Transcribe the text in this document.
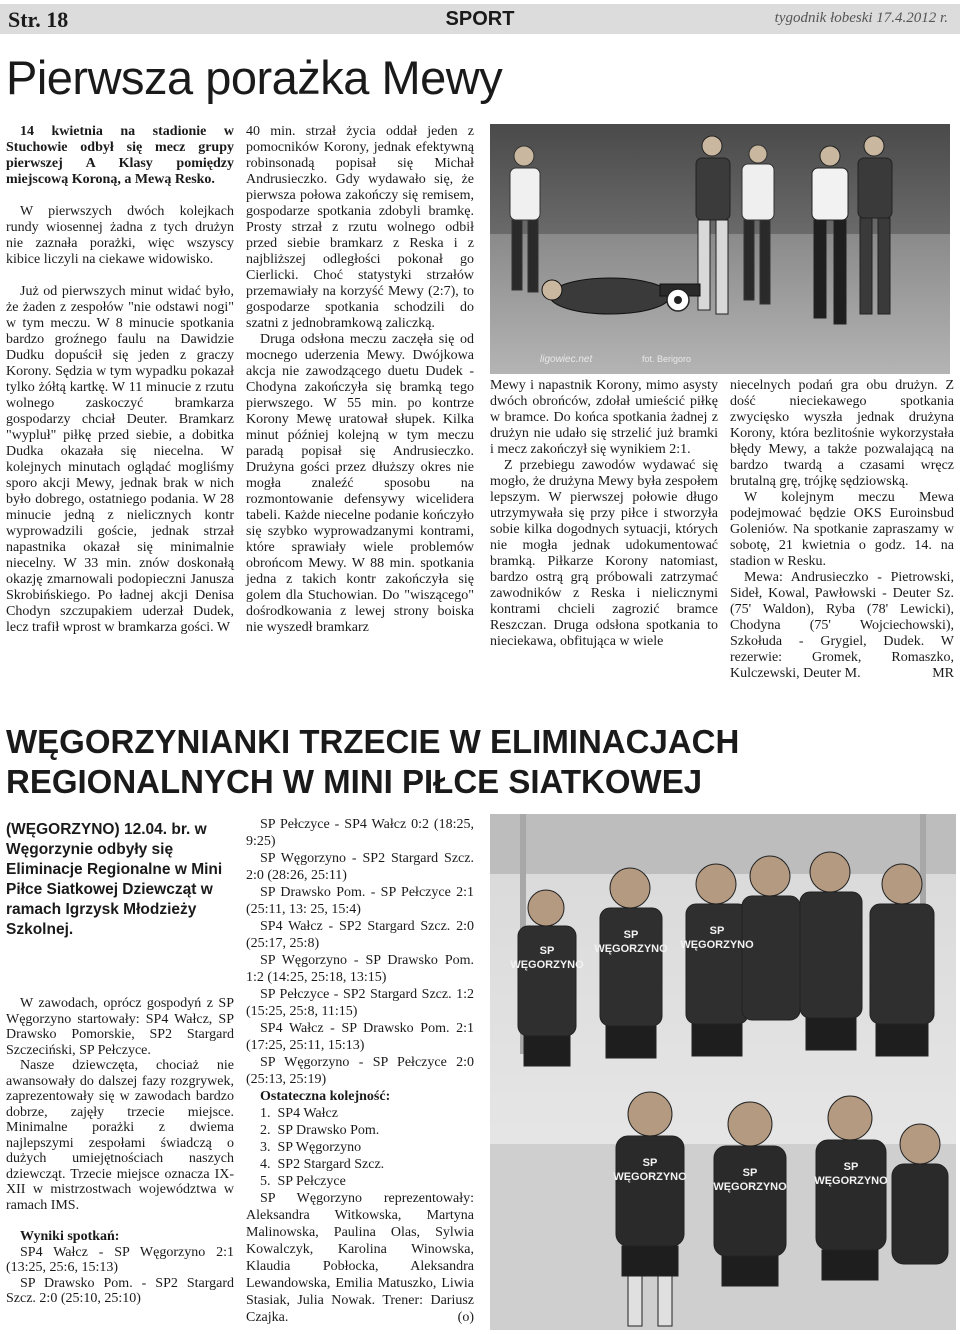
Str. 18	SPORT	tygodnik łobeski 17.4.2012 r.
Pierwsza porażka Mewy

14 kwietnia na stadionie w Stuchowie odbył się mecz grupy pierwszej A Klasy pomiędzy miejscową Koroną, a Mewą Resko.

W pierwszych dwóch kolejkach rundy wiosennej żadna z tych drużyn nie zaznała porażki, więc wszyscy kibice liczyli na ciekawe widowisko.

Już od pierwszych minut widać było, że żaden z zespołów "nie odstawi nogi" w tym meczu. W 8 minucie spotkania bardzo groźnego faulu na Dawidzie Dudku dopuścił się jeden z graczy Korony. Sędzia w tym wypadku pokazał tylko żółtą kartkę. W 11 minucie z rzutu wolnego zaskoczyć bramkarza gospodarzy chciał Deuter. Bramkarz "wypluł" piłkę przed siebie, a dobitka Dudka okazała się niecelna. W kolejnych minutach oglądać mogliśmy sporo akcji Mewy, jednak brak w nich było dobrego, ostatniego podania. W 28 minucie jedną z nielicznych kontr wyprowadzili goście, jednak strzał napastnika okazał się minimalnie niecelny. W 33 min. znów doskonałą okazję zmarnowali podopieczni Janusza Skrobińskiego. Po ładnej akcji Denisa Chodyn szczupakiem uderzał Dudek, lecz trafił wprost w bramkarza gości. W

40 min. strzał życia oddał jeden z pomocników Korony, jednak efektywną robinsonadą popisał się Michał Andrusieczko. Gdy wydawało się, że pierwsza połowa zakończy się remisem, gospodarze spotkania zdobyli bramkę. Prosty strzał z rzutu wolnego odbił przed siebie bramkarz z Reska i z najbliższej odległości pokonał go Cierlicki. Choć statystyki strzałów przemawiały na korzyść Mewy (2:7), to gospodarze spotkania schodzili do szatni z jednobramkową zaliczką.

Druga odsłona meczu zaczęła się od mocnego uderzenia Mewy. Dwójkowa akcja nie zawodzącego duetu Dudek - Chodyna zakończyła się bramką tego pierwszego. W 55 min. po kontrze Korony Mewę uratował słupek. Kilka minut później kolejną w tym meczu paradą popisał się Andrusieczko. Drużyna gości przez dłuższy okres nie mogła znaleźć sposobu na rozmontowanie defensywy wicelidera tabeli. Każde niecelne podanie kończyło się szybko wyprowadzanymi kontrami, które sprawiały wiele problemów obrońcom Mewy. W 88 min. spotkania jedna z takich kontr zakończyła się golem dla Stuchowian. Do "wiszącego" dośrodkowania z lewej strony boiska nie wyszedł bramkarz

ligowiec.net	fot. Berigoro

Mewy i napastnik Korony, mimo asysty dwóch obrońców, zdołał umieścić piłkę w bramce. Do końca spotkania żadnej z drużyn nie udało się strzelić już bramki i mecz zakończył się wynikiem 2:1.

Z przebiegu zawodów wydawać się mogło, że drużyna Mewy była zespołem lepszym. W pierwszej połowie długo utrzymywała się przy piłce i stworzyła sobie kilka dogodnych sytuacji, których nie mogła jednak udokumentować bramką. Piłkarze Korony natomiast, bardzo ostrą grą próbowali zatrzymać zawodników z Reska i nielicznymi kontrami chcieli zagrozić bramce Reszczan. Druga odsłona spotkania to nieciekawa, obfitująca w wiele

niecelnych podań gra obu drużyn. Z dość nieciekawego spotkania zwycięsko wyszła jednak drużyna Korony, która bezlitośnie wykorzystała błędy Mewy, a także pozwalającą na bardzo twardą a czasami wręcz brutalną grę, trójkę sędziowską.

W kolejnym meczu Mewa podejmować będzie OKS Euroinsbud Goleniów. Na spotkanie zapraszamy w sobotę, 21 kwietnia o godz. 14. na stadion w Resku.

Mewa: Andrusieczko - Pietrowski, Sideł, Kowal, Pawłowski - Deuter Sz. (75' Waldon), Ryba (78' Lewicki), Chodyna (75' Wojciechowski), Szkołuda - Grygiel, Dudek. W rezerwie: Gromek, Romaszko, Kulczewski, Deuter M.	MR

WĘGORZYNIANKI TRZECIE W ELIMINACJACH REGIONALNYCH W MINI PIŁCE SIATKOWEJ
(WĘGORZYNO) 12.04. br. w Węgorzynie odbyły się Eliminacje Regionalne w Mini Piłce Siatkowej Dziewcząt w ramach Igrzysk Młodzieży Szkolnej.

W zawodach, oprócz gospodyń z SP Węgorzyno startowały: SP4 Wałcz, SP Drawsko Pomorskie, SP2 Stargard Szczeciński, SP Pełczyce.

Nasze dziewczęta, chociaż nie awansowały do dalszej fazy rozgrywek, zaprezentowały się w zawodach bardzo dobrze, zajęły trzecie miejsce. Minimalne porażki z dwiema najlepszymi zespołami świadczą o dużych umiejętnościach naszych dziewcząt. Trzecie miejsce oznacza IX-XII w mistrzostwach województwa w ramach IMS.

Wyniki spotkań:

SP4 Wałcz - SP Węgorzyno 2:1 (13:25, 25:6, 15:13)

SP Drawsko Pom. - SP2 Stargard Szcz. 2:0 (25:10, 25:10)

SP Pełczyce - SP4 Wałcz 0:2 (18:25, 9:25)

SP Węgorzyno - SP2 Stargard Szcz. 2:0 (28:26, 25:11)

SP Drawsko Pom. - SP Pełczyce 2:1 (25:11, 13: 25, 15:4)

SP4 Wałcz - SP2 Stargard Szcz. 2:0 (25:17, 25:8)

SP Węgorzyno - SP Drawsko Pom. 1:2 (14:25, 25:18, 13:15)

SP Pełczyce - SP2 Stargard Szcz. 1:2 (15:25, 25:8, 11:15)

SP4 Wałcz - SP Drawsko Pom. 2:1 (17:25, 25:11, 15:13)

SP Węgorzyno - SP Pełczyce 2:0 (25:13, 25:19)

Ostateczna kolejność:

1.  SP4 Wałcz

2.  SP Drawsko Pom.

3.  SP Węgorzyno

4.  SP2 Stargard Szcz.

5.  SP Pełczyce

SP Węgorzyno reprezentowały: Aleksandra Witkowska, Martyna Malinowska, Paulina Olas, Sylwia Kowalczyk, Karolina Winowska, Klaudia Pobłocka, Aleksandra Lewandowska, Emilia Matuszko, Liwia Stasiak, Julia Nowak. Trener: Dariusz Czajka.	(o)

SP
WĘGORZYNO
SP
WĘGORZYNO
SP
WĘGORZYNO
SP
WĘGORZYNO	SP
WĘGORZYNO
SP
WĘGORZYNO
